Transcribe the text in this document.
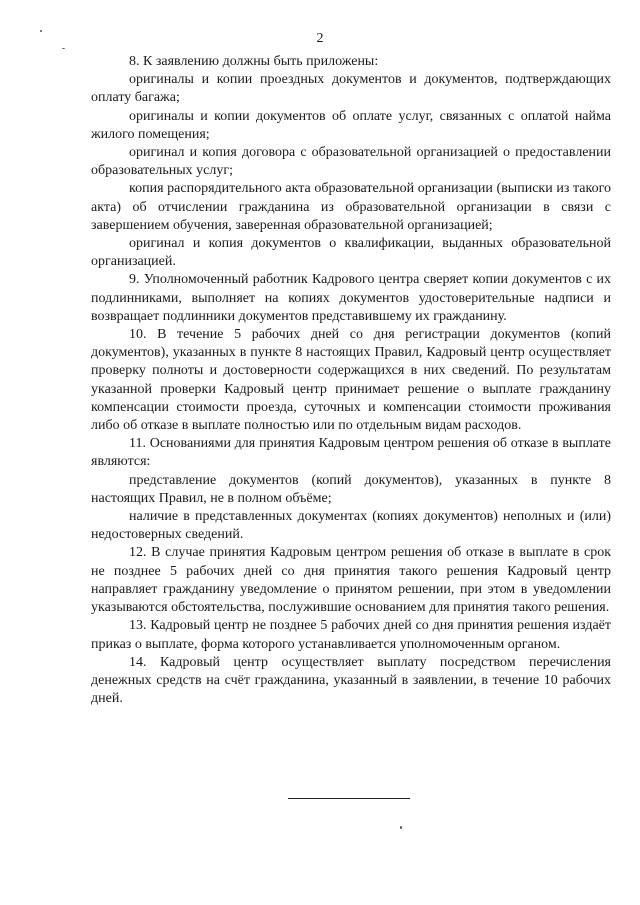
2

8. К заявлению должны быть приложены:

оригиналы и копии проездных документов и документов, подтверждающих оплату багажа;

оригиналы и копии документов об оплате услуг, связанных с оплатой найма жилого помещения;

оригинал и копия договора с образовательной организацией о предоставлении образовательных услуг;

копия распорядительного акта образовательной организации (выписки из такого акта) об отчислении гражданина из образовательной организации в связи с завершением обучения, заверенная образовательной организацией;

оригинал и копия документов о квалификации, выданных образовательной организацией.

9. Уполномоченный работник Кадрового центра сверяет копии документов с их подлинниками, выполняет на копиях документов удостоверительные надписи и возвращает подлинники документов представившему их гражданину.

10. В течение 5 рабочих дней со дня регистрации документов (копий документов), указанных в пункте 8 настоящих Правил, Кадровый центр осуществляет проверку полноты и достоверности содержащихся в них сведений. По результатам указанной проверки Кадровый центр принимает решение о выплате гражданину компенсации стоимости проезда, суточных и компенсации стоимости проживания либо об отказе в выплате полностью или по отдельным видам расходов.

11. Основаниями для принятия Кадровым центром решения об отказе в выплате являются:

представление документов (копий документов), указанных в пункте 8 настоящих Правил, не в полном объёме;

наличие в представленных документах (копиях документов) неполных и (или) недостоверных сведений.

12. В случае принятия Кадровым центром решения об отказе в выплате в срок не позднее 5 рабочих дней со дня принятия такого решения Кадровый центр направляет гражданину уведомление о принятом решении, при этом в уведомлении указываются обстоятельства, послужившие основанием для принятия такого решения.

13. Кадровый центр не позднее 5 рабочих дней со дня принятия решения издаёт приказ о выплате, форма которого устанавливается уполномоченным органом.

14. Кадровый центр осуществляет выплату посредством перечисления денежных средств на счёт гражданина, указанный в заявлении, в течение 10 рабочих дней.
